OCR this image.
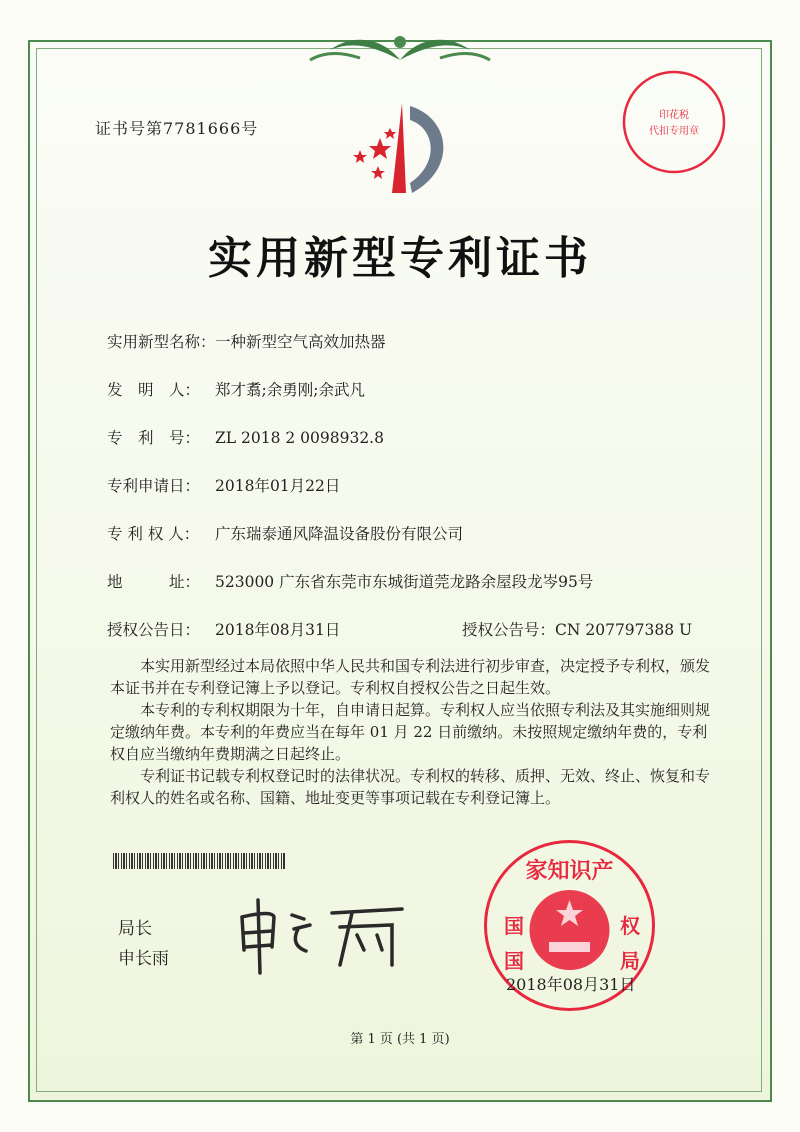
证书号第7781666号
印花税
代扣专用章
实用新型专利证书
实用新型名称：一种新型空气高效加热器
发　明　人： 郑才翥;余勇刚;余武凡
专　利　号： ZL 2018 2 0098932.8
专利申请日： 2018年01月22日
专 利 权 人： 广东瑞泰通风降温设备股份有限公司
地　　　址： 523000 广东省东莞市东城街道莞龙路余屋段龙岑95号
授权公告日： 2018年08月31日	授权公告号：CN 207797388 U

本实用新型经过本局依照中华人民共和国专利法进行初步审查，决定授予专利权，颁发本证书并在专利登记簿上予以登记。专利权自授权公告之日起生效。

本专利的专利权期限为十年，自申请日起算。专利权人应当依照专利法及其实施细则规定缴纳年费。本专利的年费应当在每年 01 月 22 日前缴纳。未按照规定缴纳年费的，专利权自应当缴纳年费期满之日起终止。

专利证书记载专利权登记时的法律状况。专利权的转移、质押、无效、终止、恢复和专利权人的姓名或名称、国籍、地址变更等事项记载在专利登记簿上。

局长
申长雨
家知识产
国	权
国	局
2018年08月31日
第 1 页 (共 1 页)
